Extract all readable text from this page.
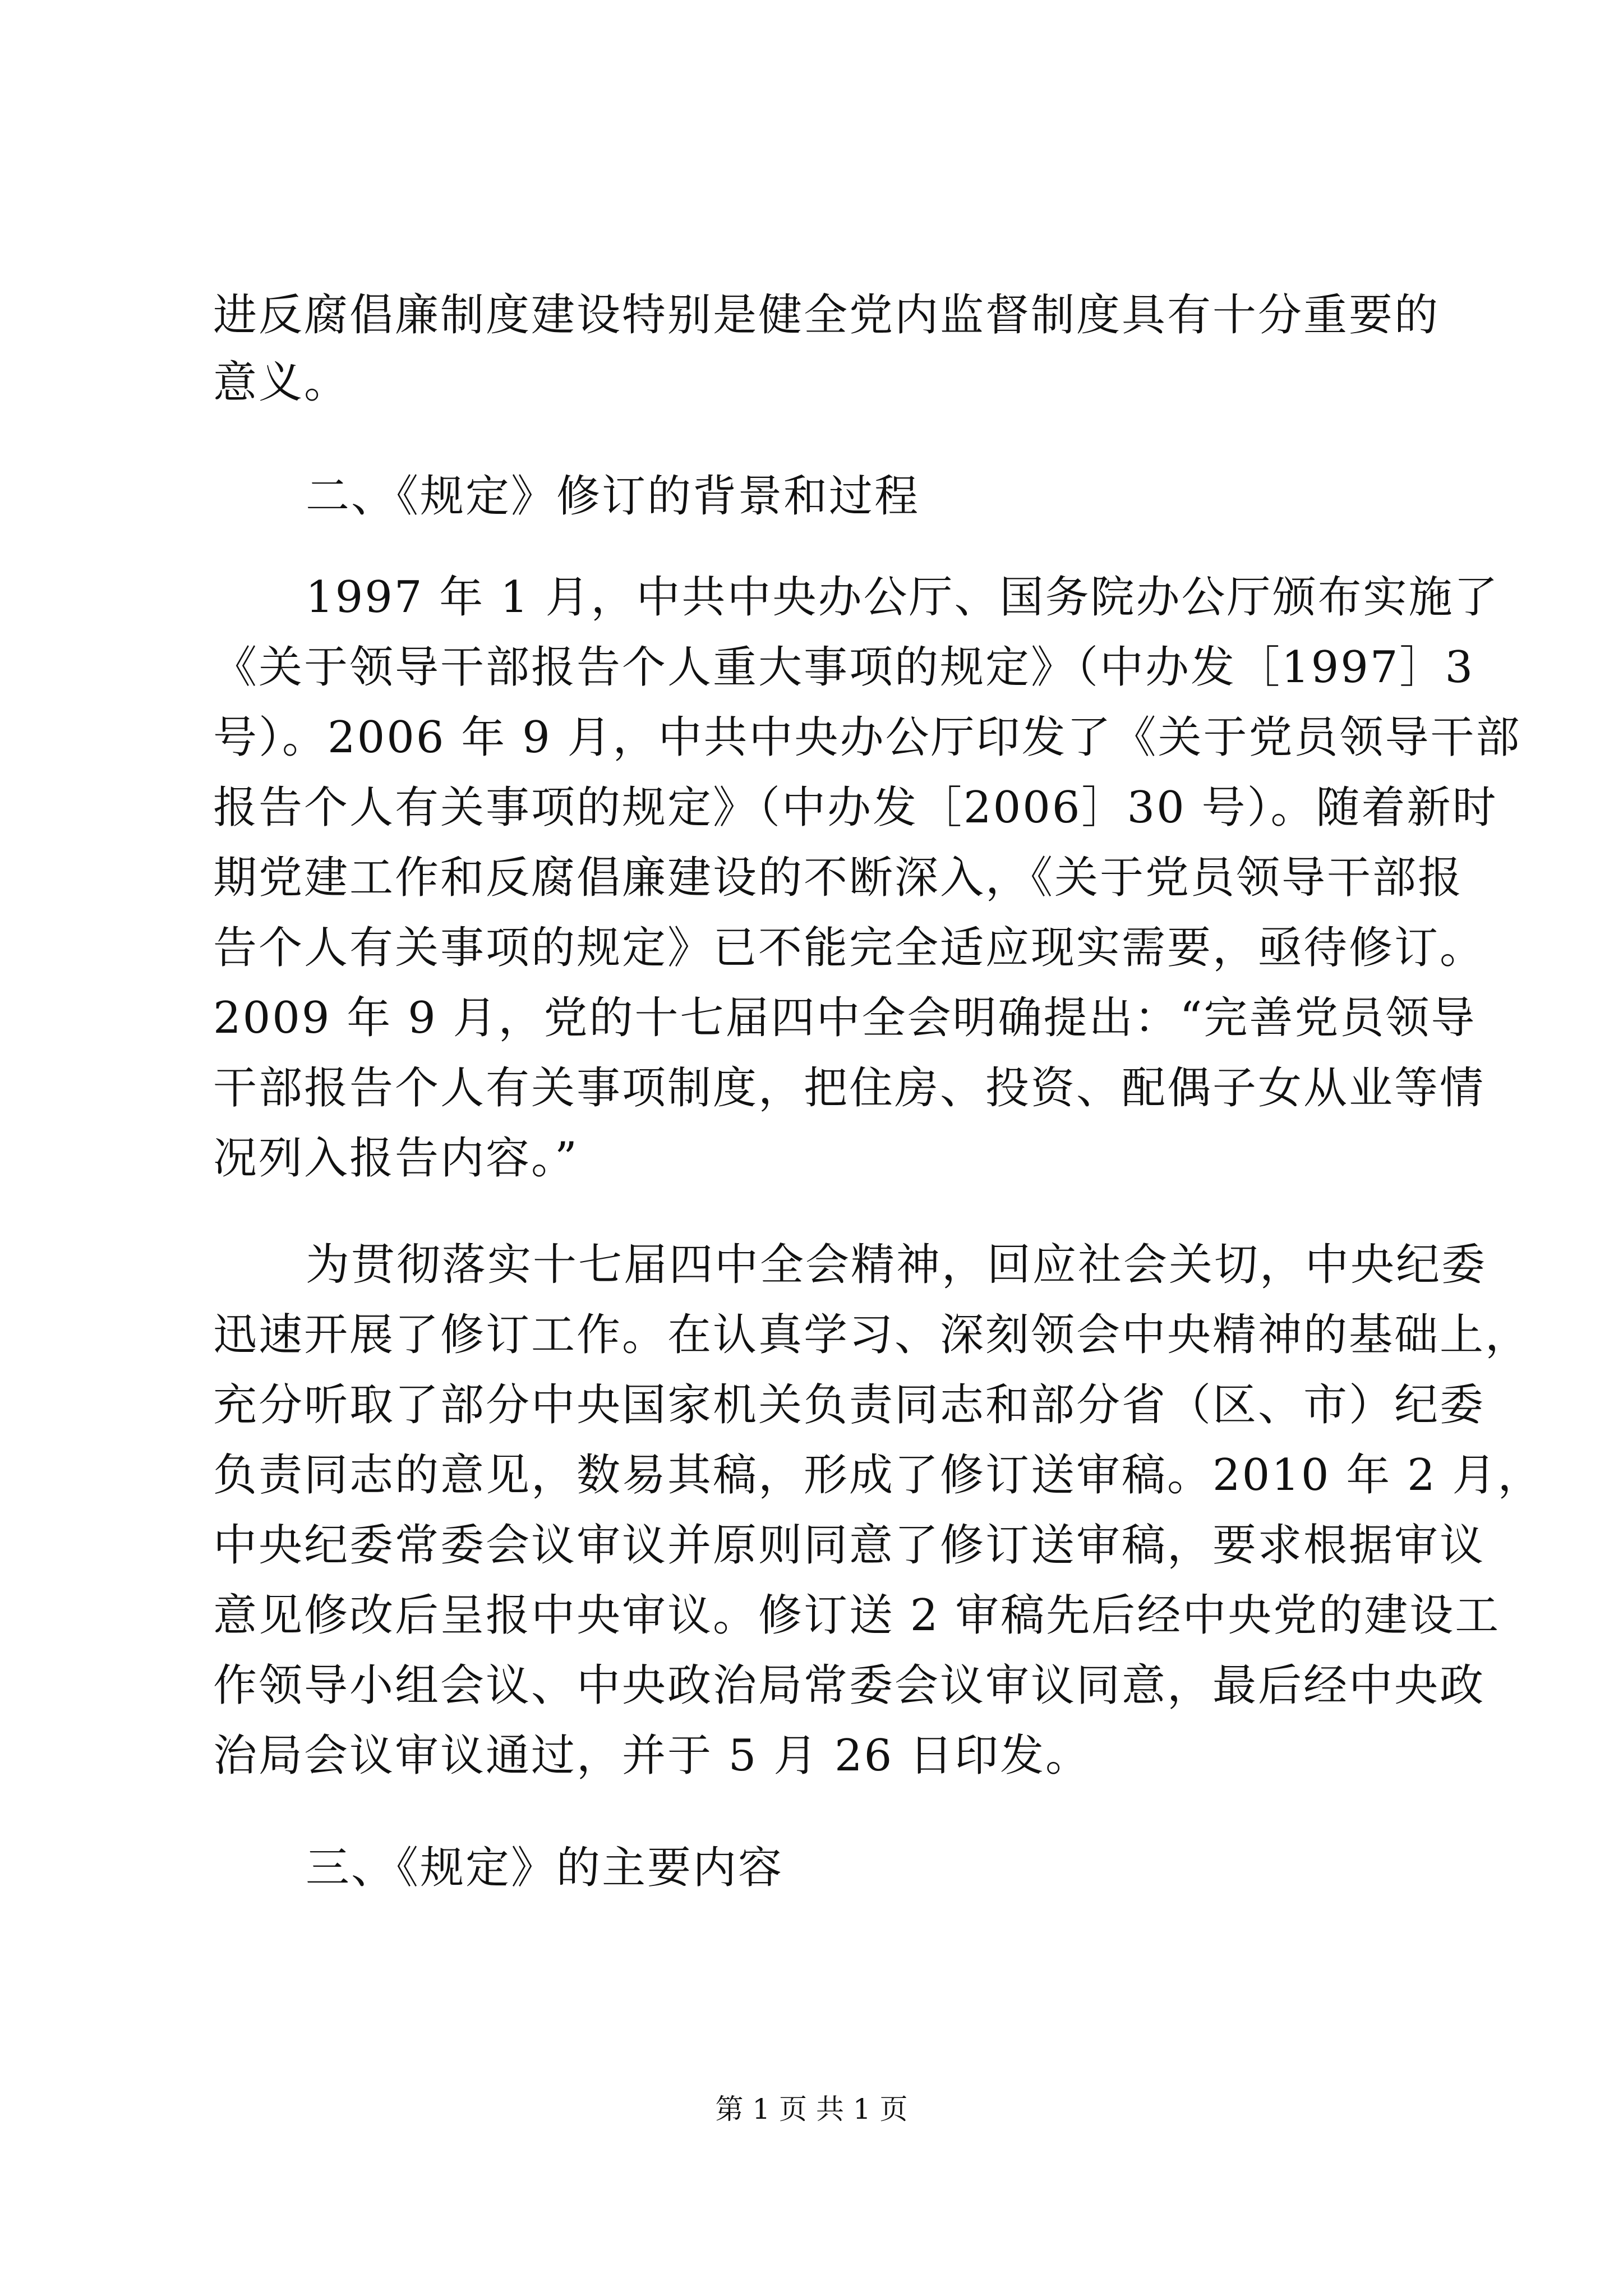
进反腐倡廉制度建设特别是健全党内监督制度具有十分重要的
意义。
二、《规定》修订的背景和过程
1997 年 1 月，中共中央办公厅、国务院办公厅颁布实施了
《关于领导干部报告个人重大事项的规定》（中办发［1997］3
号）。2006 年 9 月，中共中央办公厅印发了《关于党员领导干部
报告个人有关事项的规定》（中办发［2006］30 号）。随着新时
期党建工作和反腐倡廉建设的不断深入，《关于党员领导干部报
告个人有关事项的规定》已不能完全适应现实需要，亟待修订。
2009 年 9 月，党的十七届四中全会明确提出：“完善党员领导
干部报告个人有关事项制度，把住房、投资、配偶子女从业等情
况列入报告内容。”
为贯彻落实十七届四中全会精神，回应社会关切，中央纪委
迅速开展了修订工作。在认真学习、深刻领会中央精神的基础上，
充分听取了部分中央国家机关负责同志和部分省（区、市）纪委
负责同志的意见，数易其稿，形成了修订送审稿。2010 年 2 月，
中央纪委常委会议审议并原则同意了修订送审稿，要求根据审议
意见修改后呈报中央审议。修订送 2 审稿先后经中央党的建设工
作领导小组会议、中央政治局常委会议审议同意，最后经中央政
治局会议审议通过，并于 5 月 26 日印发。
三、《规定》的主要内容
第 1 页 共 1 页
